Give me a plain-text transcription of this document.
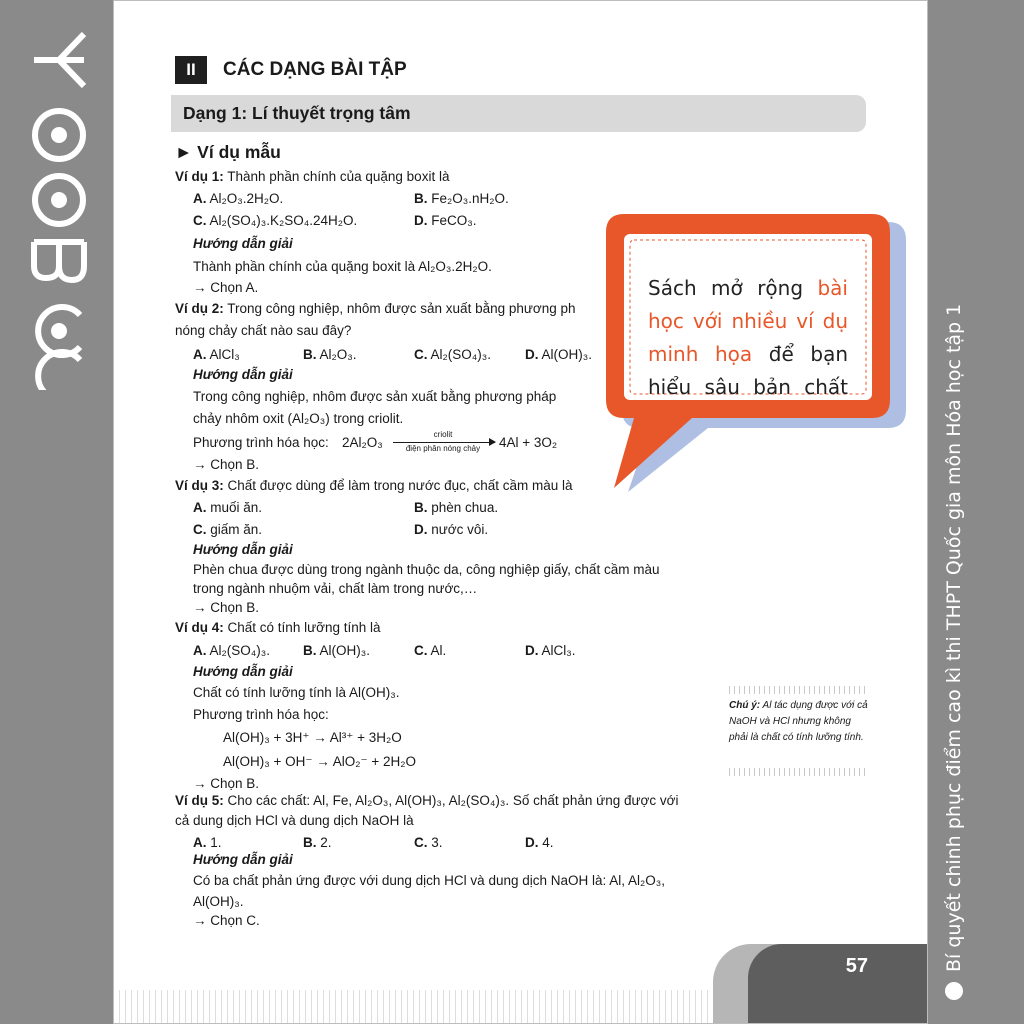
Bí quyết chinh phục điểm cao kì thi THPT Quốc gia môn Hóa học tập 1
57
II	CÁC DẠNG BÀI TẬP
Dạng 1: Lí thuyết trọng tâm
► Ví dụ mẫu
Ví dụ 1: Thành phần chính của quặng boxit là
A. Al₂O₃.2H₂O.	B. Fe₂O₃.nH₂O.
C. Al₂(SO₄)₃.K₂SO₄.24H₂O.	D. FeCO₃.
Hướng dẫn giải
Thành phần chính của quặng boxit là Al₂O₃.2H₂O.
→ Chọn A.
Ví dụ 2: Trong công nghiệp, nhôm được sản xuất bằng phương ph
nóng chảy chất nào sau đây?
A. AlCl₃	B. Al₂O₃.	C. Al₂(SO₄)₃.	D. Al(OH)₃.
Hướng dẫn giải
Trong công nghiệp, nhôm được sản xuất bằng phương pháp
chảy nhôm oxit (Al₂O₃) trong criolit.
Phương trình hóa học: 2Al₂O₃
criolit
điện phân nóng chảy	4Al + 3O₂
→ Chọn B.
Ví dụ 3: Chất được dùng để làm trong nước đục, chất cầm màu là
A. muối ăn.	B. phèn chua.
C. giấm ăn.	D. nước vôi.
Hướng dẫn giải
Phèn chua được dùng trong ngành thuộc da, công nghiệp giấy, chất cầm màu
trong ngành nhuộm vải, chất làm trong nước,…
→ Chọn B.
Ví dụ 4: Chất có tính lưỡng tính là
A. Al₂(SO₄)₃. B. Al(OH)₃.	C. Al.	D. AlCl₃.
Hướng dẫn giải
Chất có tính lưỡng tính là Al(OH)₃.
Phương trình hóa học:
Al(OH)₃ + 3H⁺ → Al³⁺ + 3H₂O
Al(OH)₃ + OH⁻ → AlO₂⁻ + 2H₂O
→ Chọn B.
Ví dụ 5: Cho các chất: Al, Fe, Al₂O₃, Al(OH)₃, Al₂(SO₄)₃. Số chất phản ứng được với
cả dung dịch HCl và dung dịch NaOH là
A. 1.	B. 2.	C. 3.	D. 4.
Hướng dẫn giải
Có ba chất phản ứng được với dung dịch HCl và dung dịch NaOH là: Al, Al₂O₃,
Al(OH)₃.
→ Chọn C.
Sách mở rộng bài học với nhiều ví dụ minh họa để bạn hiểu sâu bản chất
Chú ý: Al tác dụng được với cả NaOH và HCl nhưng không phải là chất có tính lưỡng tính.
